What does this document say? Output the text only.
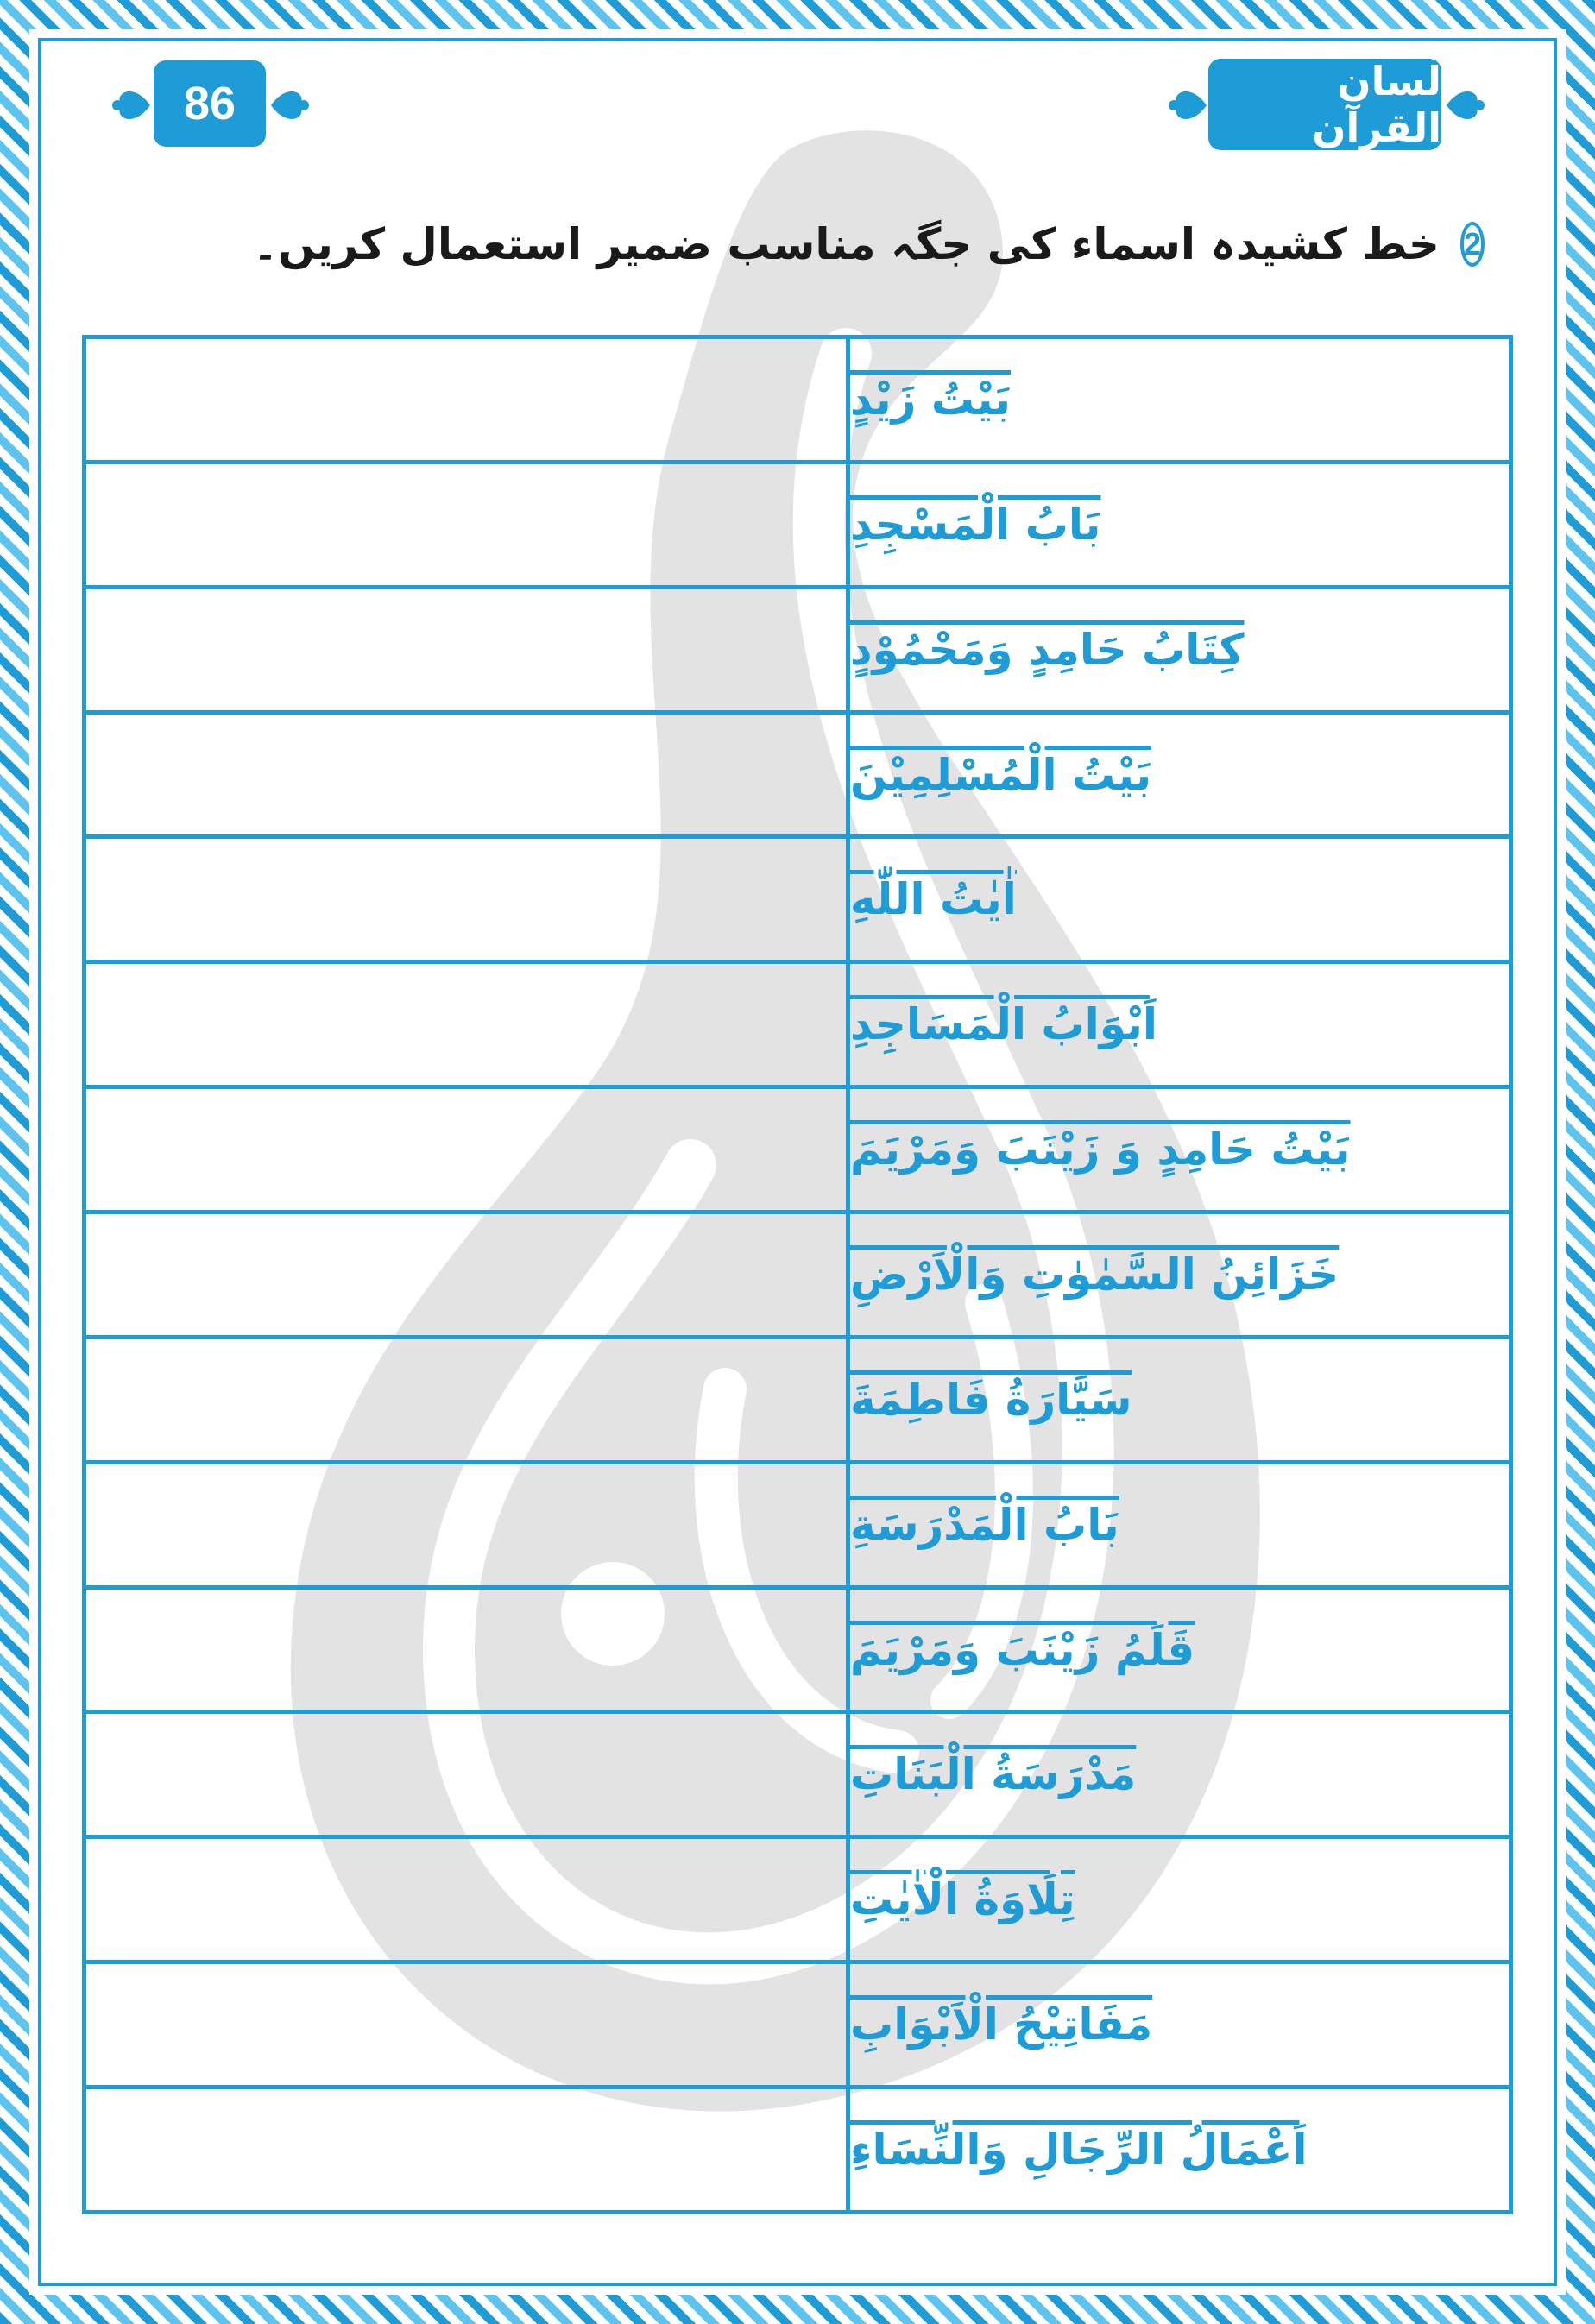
لسان القرآن
86
خط کشیدہ اسماء کی جگہ مناسب ضمیر استعمال کریں۔ 2
بَيْتُ زَيْدٍ
بَابُ الْمَسْجِدِ
كِتَابُ حَامِدٍ وَمَحْمُوْدٍ
بَيْتُ الْمُسْلِمِيْنَ
اٰيٰتُ اللّٰهِ
اَبْوَابُ الْمَسَاجِدِ
بَيْتُ حَامِدٍ وَ زَيْنَبَ وَمَرْيَمَ
خَزَائِنُ السَّمٰوٰتِ وَالْاَرْضِ
سَيَّارَةُ فَاطِمَةَ
بَابُ الْمَدْرَسَةِ
قَلَمُ زَيْنَبَ وَمَرْيَمَ
مَدْرَسَةُ الْبَنَاتِ
تِلَاوَةُ الْاٰيٰتِ
مَفَاتِيْحُ الْاَبْوَابِ
اَعْمَالُ الرِّجَالِ وَالنِّسَاءِ
